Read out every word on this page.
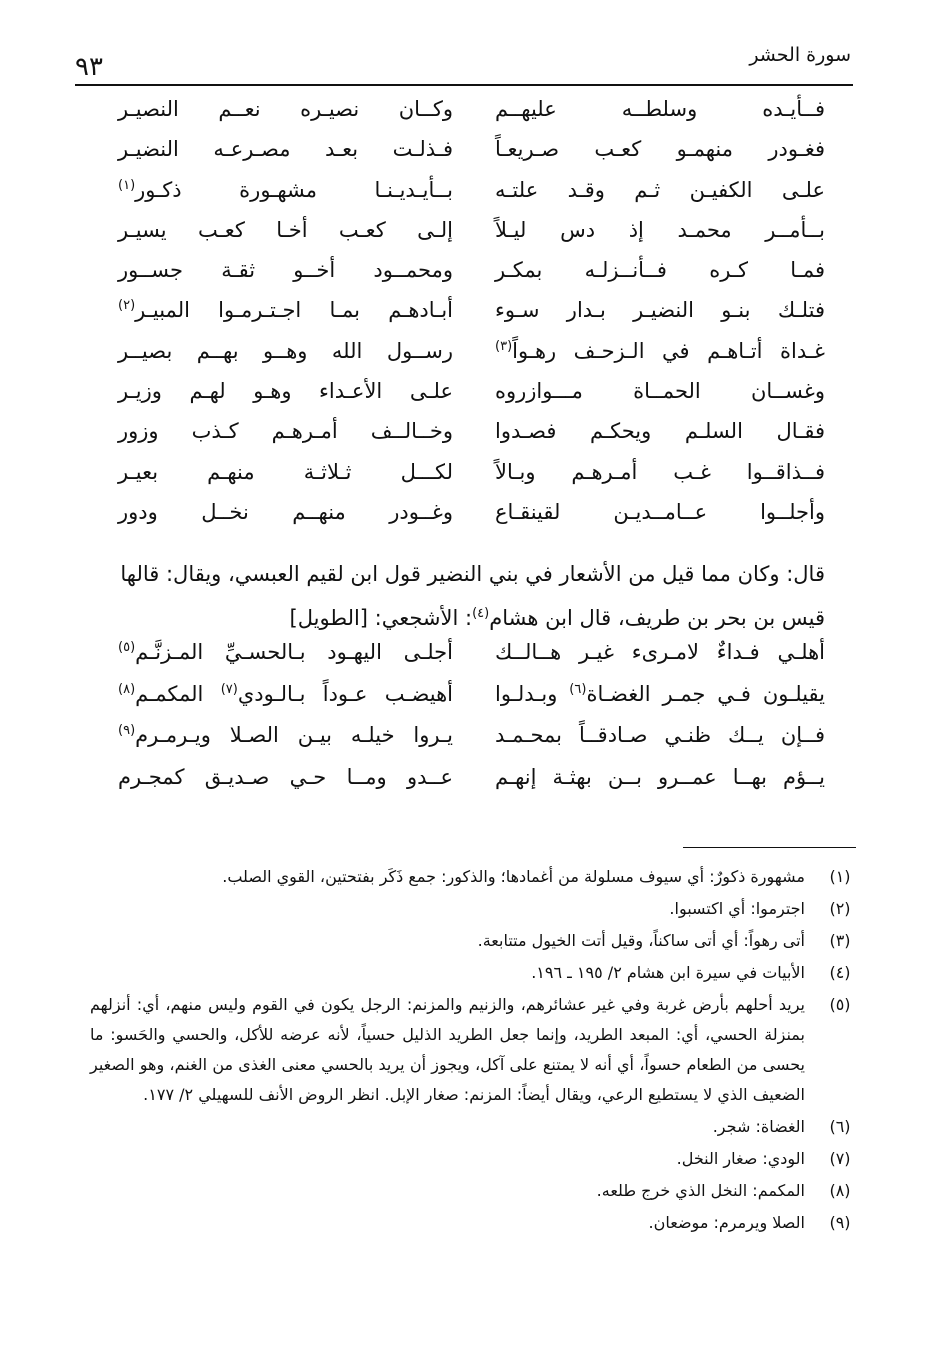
سورة الحشر
٩٣
فــأيـده وسلطــه عليهــم
وكــان نصيـره نعــم النصيـر
فغـودر منهمـو كعـب صـريعـاً
فـذلـت بعـد مصـرعـه النضيـر
علـى الكفيـن ثـم وقـد علتـه
بــأيـديـنـا مشهـورة ذكـور$^{(١)}$
بــأمــر محمـد إذ دس ليـلاً
إلـى كعـب أخـا كعـب يسيـر
فمـا كـره فــأنــزلـه بمكـر
ومحمــود أخــو ثقـة جســور
فتلـك بنـو النضيـر بـدار سـوء
أبـادهـم بمـا اجـتـرمـوا المبيـر$^{(٢)}$
غـداة أتـاهـم في الـزحـف رهـواً$^{(٣)}$
رســول الله وهــو بهــم بصيــر
وغســان الحمــاة مـــوازروه
علـى الأعـداء وهـو لهـم وزيـر
فقـال السلـم ويحكـم فصـدوا
وخــالــف أمـرهـم كـذب وزور
فــذاقــوا غـب أمـرهـم وبـالاً
لكـــل ثـلاثـة منهـم بعيـر
وأجلــوا عــامــديـن لقينقـاع
وغــودر منهــم نخــل ودور
قال: وكان مما قيل من الأشعار في بني النضير قول ابن لقيم العبسي، ويقال: قالها
قيس بن بحر بن طريف، قال ابن هشام$^{(٤)}$: الأشجعي: [الطويل]
أهلـي فـداءٌ لامـرىء غيـر هــالــك
أجلـى اليهـود بـالحسـيِّ المـزنَّـم$^{(٥)}$
يقيلـون فـي جمـر الغضـاة$^{(٦)}$ وبـدلـوا
أهيضـب عـوداً بـالـودي$^{(٧)}$ المكمـم$^{(٨)}$
فــإن يــك ظنـي صـادقــاً بمحـمـد
يـروا خيلـه بيـن الصـلا ويـرمـرم$^{(٩)}$
يــؤم بهــا عمــرو بــن بهثـة إنهـم
عــدو ومــا حـي صـديـق كمجـرم
(١)
مشهورة ذكورٌ: أي سيوف مسلولة من أغمادها؛ والذكور: جمع ذَكَر بفتحتين، القوي الصلب.
(٢)
اجترموا: أي اكتسبوا.
(٣)
أتى رهواً: أي أتى ساكناً، وقيل أتت الخيول متتابعة.
(٤)
الأبيات في سيرة ابن هشام ٢/ ١٩٥ ـ ١٩٦.
(٥)
يريد أحلهم بأرض غربة وفي غير عشائرهم، والزنيم والمزنم: الرجل يكون في القوم وليس منهم، أي: أنزلهم بمنزلة الحسي، أي: المبعد الطريد، وإنما جعل الطريد الذليل حسياً، لأنه عرضه للأكل، والحسي والحَسو: ما يحسى من الطعام حسواً، أي أنه لا يمتنع على آكل، ويجوز أن يريد بالحسي معنى الغذى من الغنم، وهو الصغير الضعيف الذي لا يستطيع الرعي، ويقال أيضاً: المزنم: صغار الإبل. انظر الروض الأنف للسهيلي ٢/ ١٧٧.
(٦)
الغضاة: شجر.
(٧)
الودي: صغار النخل.
(٨)
المكمم: النخل الذي خرج طلعه.
(٩)
الصلا ويرمرم: موضعان.
